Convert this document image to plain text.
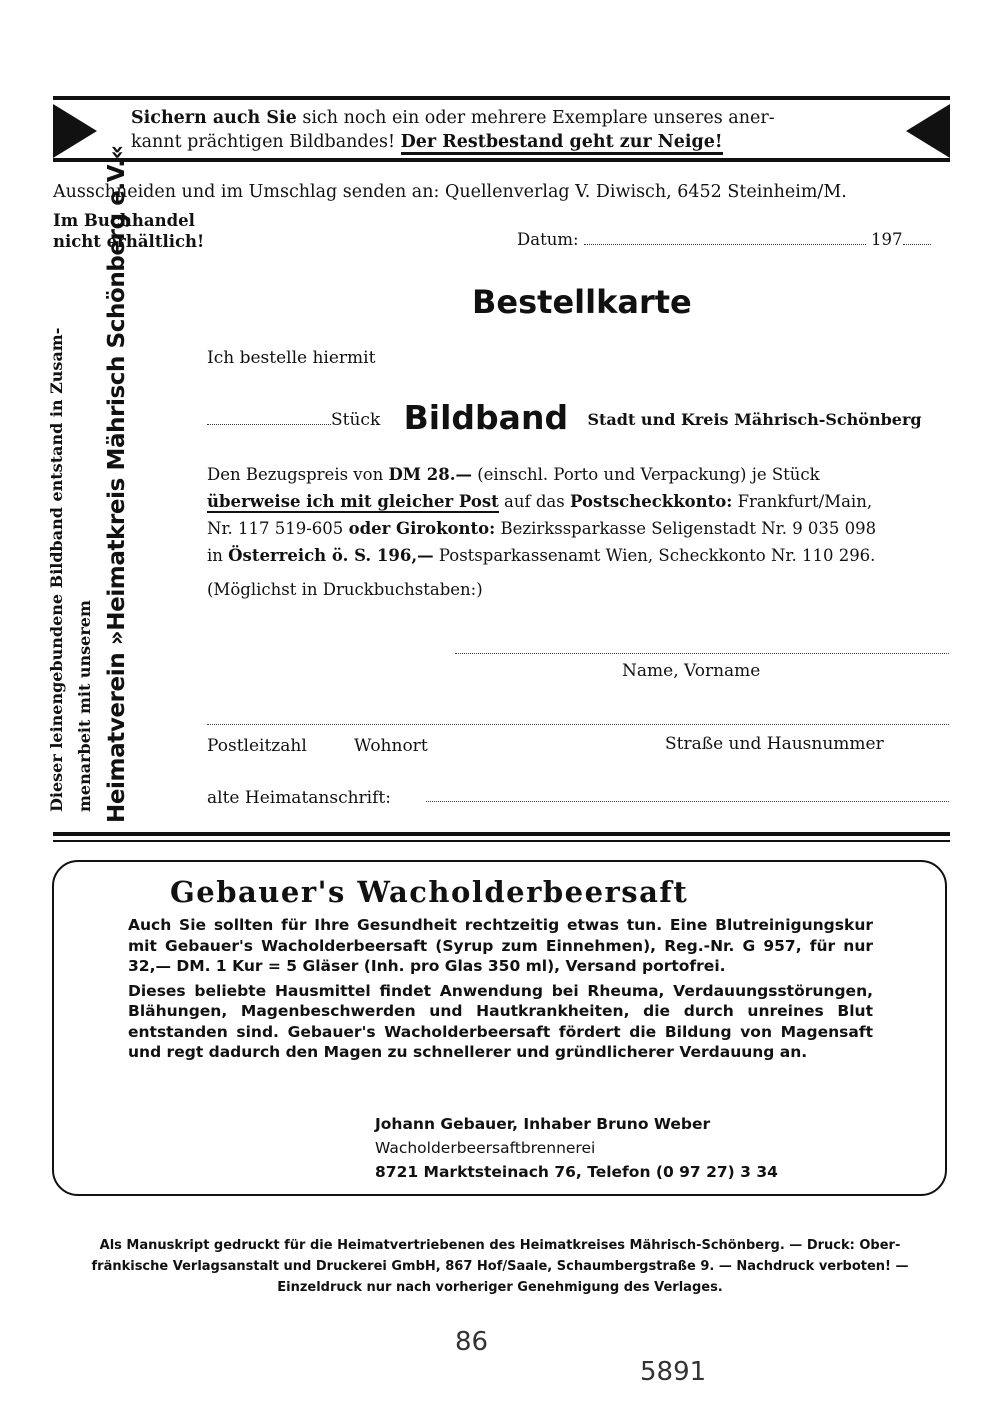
Sichern auch Sie sich noch ein oder mehrere Exemplare unseres aner-
kannt prächtigen Bildbandes! Der Restbestand geht zur Neige!
Ausschneiden und im Umschlag senden an: Quellenverlag V. Diwisch, 6452 Steinheim/M.
Im Buchhandel
nicht erhältlich!	Datum:	197
Dieser leinengebundene Bildband entstand in Zusam- menarbeit mit unserem Heimatverein »Heimatkreis Mährisch Schönberg e.V.«	Bestellkarte
Ich bestelle hiermit
Stück Bildband Stadt und Kreis Mährisch-Schönberg
Den Bezugspreis von DM 28.— (einschl. Porto und Verpackung) je Stück
überweise ich mit gleicher Post auf das Postscheckkonto: Frankfurt/Main,
Nr. 117 519-605 oder Girokonto: Bezirkssparkasse Seligenstadt Nr. 9 035 098
in Österreich ö. S. 196,— Postsparkassenamt Wien, Scheckkonto Nr. 110 296.
(Möglichst in Druckbuchstaben:)
Name, Vorname
Postleitzahl	Wohnort	Straße und Hausnummer
alte Heimatanschrift:
Gebauer's Wacholderbeersaft

Auch Sie sollten für Ihre Gesundheit rechtzeitig etwas tun. Eine Blutreinigungskur mit Gebauer's Wacholderbeersaft (Syrup zum Einnehmen), Reg.-Nr. G 957, für nur 32,— DM. 1 Kur = 5 Gläser (Inh. pro Glas 350 ml), Versand portofrei.

Dieses beliebte Hausmittel findet Anwendung bei Rheuma, Verdauungsstörungen, Blähungen, Magenbeschwerden und Hautkrankheiten, die durch unreines Blut entstanden sind. Gebauer's Wacholderbeersaft fördert die Bildung von Magensaft und regt dadurch den Magen zu schnellerer und gründlicherer Verdauung an.

Johann Gebauer, Inhaber Bruno Weber
Wacholderbeersaftbrennerei
8721 Marktsteinach 76, Telefon (0 97 27) 3 34
Als Manuskript gedruckt für die Heimatvertriebenen des Heimatkreises Mährisch-Schönberg. — Druck: Ober-
fränkische Verlagsanstalt und Druckerei GmbH, 867 Hof/Saale, Schaumbergstraße 9. — Nachdruck verboten! —
Einzeldruck nur nach vorheriger Genehmigung des Verlages.
86
5891
